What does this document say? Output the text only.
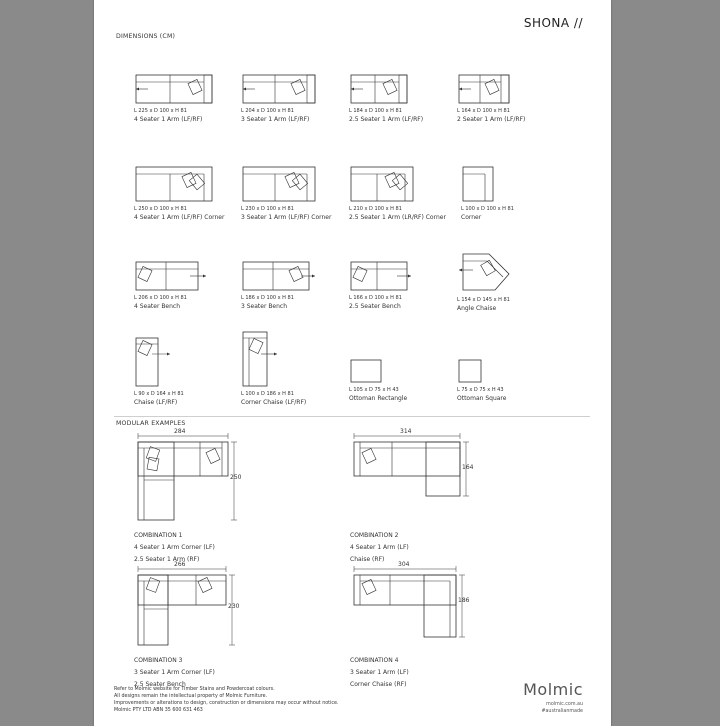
SHONA //
DIMENSIONS (CM)
L 225 x D 100 x H 81
4 Seater 1 Arm (LF/RF)
L 204 x D 100 x H 81
3 Seater 1 Arm (LF/RF)
L 184 x D 100 x H 81
2.5 Seater 1 Arm (LF/RF)
L 164 x D 100 x H 81
2 Seater 1 Arm (LF/RF)
L 250 x D 100 x H 81
4 Seater 1 Arm (LF/RF) Corner
L 230 x D 100 x H 81
3 Seater 1 Arm (LF/RF) Corner
L 210 x D 100 x H 81
2.5 Seater 1 Arm (LR/RF) Corner
L 100 x D 100 x H 81
Corner
L 206 x D 100 x H 81
4 Seater Bench
L 186 x D 100 x H 81
3 Seater Bench
L 166 x D 100 x H 81
2.5 Seater Bench
L 154 x D 145 x H 81
Angle Chaise
L 90 x D 164 x H 81
Chaise (LF/RF)
L 100 x D 186 x H 81
Corner Chaise (LF/RF)
L 105 x D 75 x H 43
Ottoman Rectangle
L 75 x D 75 x H 43
Ottoman Square
MODULAR EXAMPLES
284
250
COMBINATION 1
4 Seater 1 Arm Corner (LF)
2.5 Seater 1 Arm (RF)
314
164
COMBINATION 2
4 Seater 1 Arm (LF)
Chaise (RF)
266
230
COMBINATION 3
3 Seater 1 Arm Corner (LF)
2.5 Seater Bench
304
186
COMBINATION 4
3 Seater 1 Arm (LF)
Corner Chaise (RF)
Refer to Molmic website for Timber Stains and Powdercoat colours.
All designs remain the intellectual property of Molmic Furniture.
Improvements or alterations to design, construction or dimensions may occur without notice.
Molmic PTY LTD ABN 35 600 631 463
Molmic
molmic.com.au
#australianmade
